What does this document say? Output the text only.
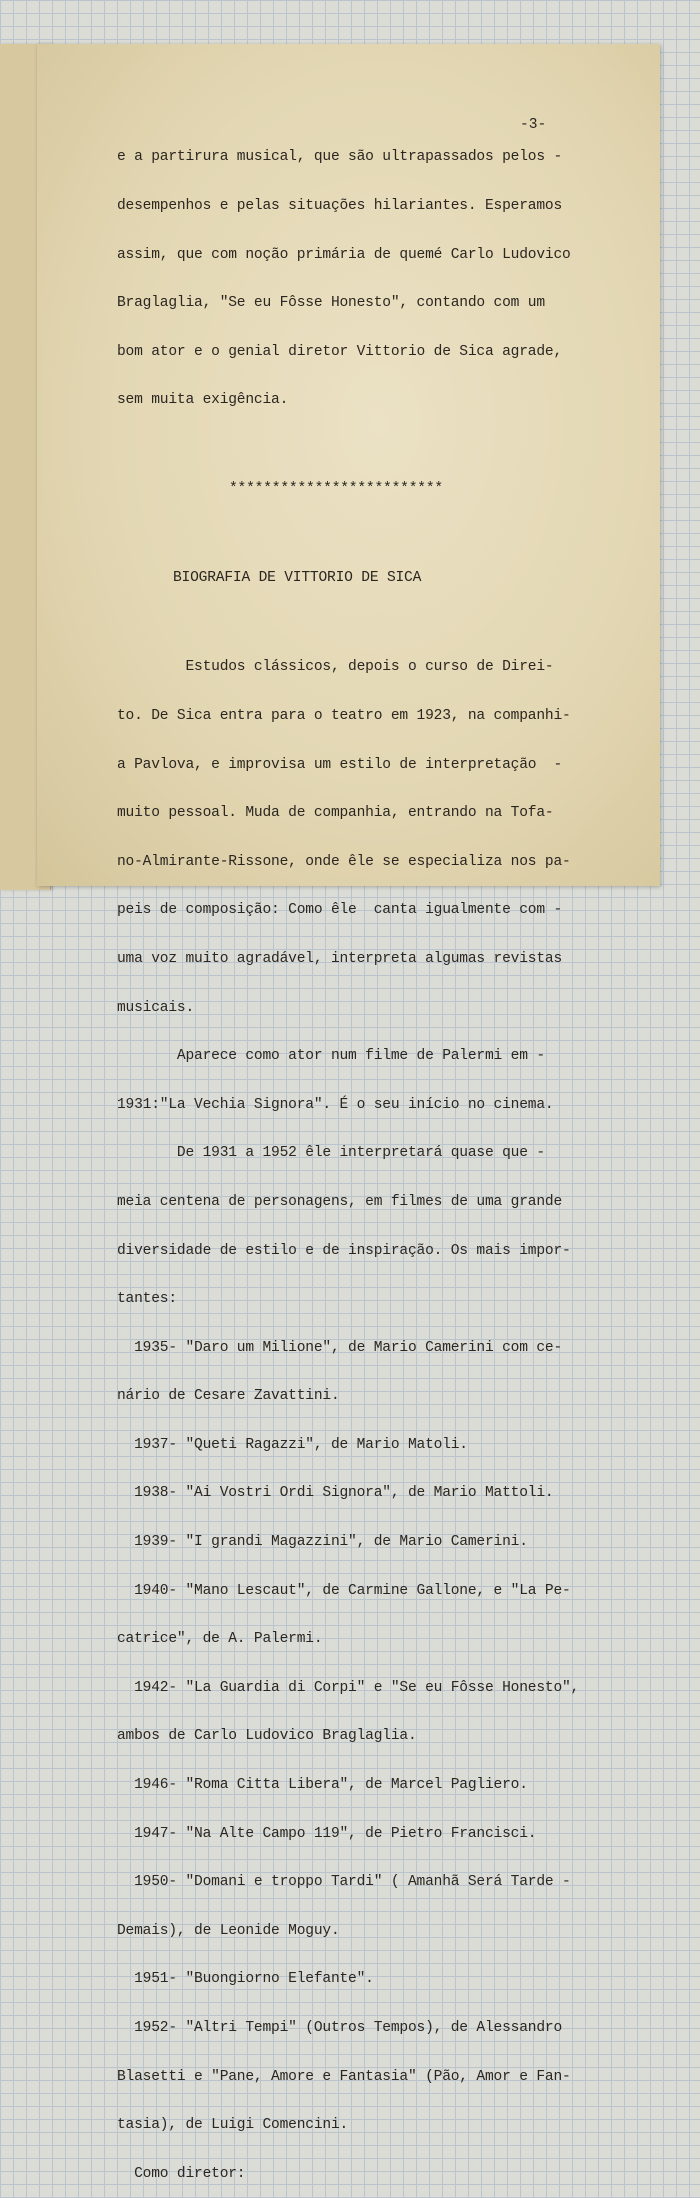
-3-

e a partirura musical, que são ultrapassados pelos -

desempenhos e pelas situações hilariantes. Esperamos

assim, que com noção primária de quemé Carlo Ludovico

Braglaglia, "Se eu Fôsse Honesto", contando com um

bom ator e o genial diretor Vittorio de Sica agrade,

sem muita exigência.

*************************

BIOGRAFIA DE VITTORIO DE SICA

Estudos clássicos, depois o curso de Direi-

to. De Sica entra para o teatro em 1923, na companhi-

a Pavlova, e improvisa um estilo de interpretação  -

muito pessoal. Muda de companhia, entrando na Tofa-

no-Almirante-Rissone, onde êle se especializa nos pa-

peis de composição: Como êle  canta igualmente com -

uma voz muito agradável, interpreta algumas revistas

musicais.

Aparece como ator num filme de Palermi em -

1931:"La Vechia Signora". É o seu início no cinema.

De 1931 a 1952 êle interpretará quase que -

meia centena de personagens, em filmes de uma grande

diversidade de estilo e de inspiração. Os mais impor-

tantes:

1935- "Daro um Milione", de Mario Camerini com ce-

nário de Cesare Zavattini.

1937- "Queti Ragazzi", de Mario Matoli.

1938- "Ai Vostri Ordi Signora", de Mario Mattoli.

1939- "I grandi Magazzini", de Mario Camerini.

1940- "Mano Lescaut", de Carmine Gallone, e "La Pe-

catrice", de A. Palermi.

1942- "La Guardia di Corpi" e "Se eu Fôsse Honesto",

ambos de Carlo Ludovico Braglaglia.

1946- "Roma Citta Libera", de Marcel Pagliero.

1947- "Na Alte Campo 119", de Pietro Francisci.

1950- "Domani e troppo Tardi" ( Amanhã Será Tarde -

Demais), de Leonide Moguy.

1951- "Buongiorno Elefante".

1952- "Altri Tempi" (Outros Tempos), de Alessandro

Blasetti e "Pane, Amore e Fantasia" (Pão, Amor e Fan-

tasia), de Luigi Comencini.

Como diretor:
